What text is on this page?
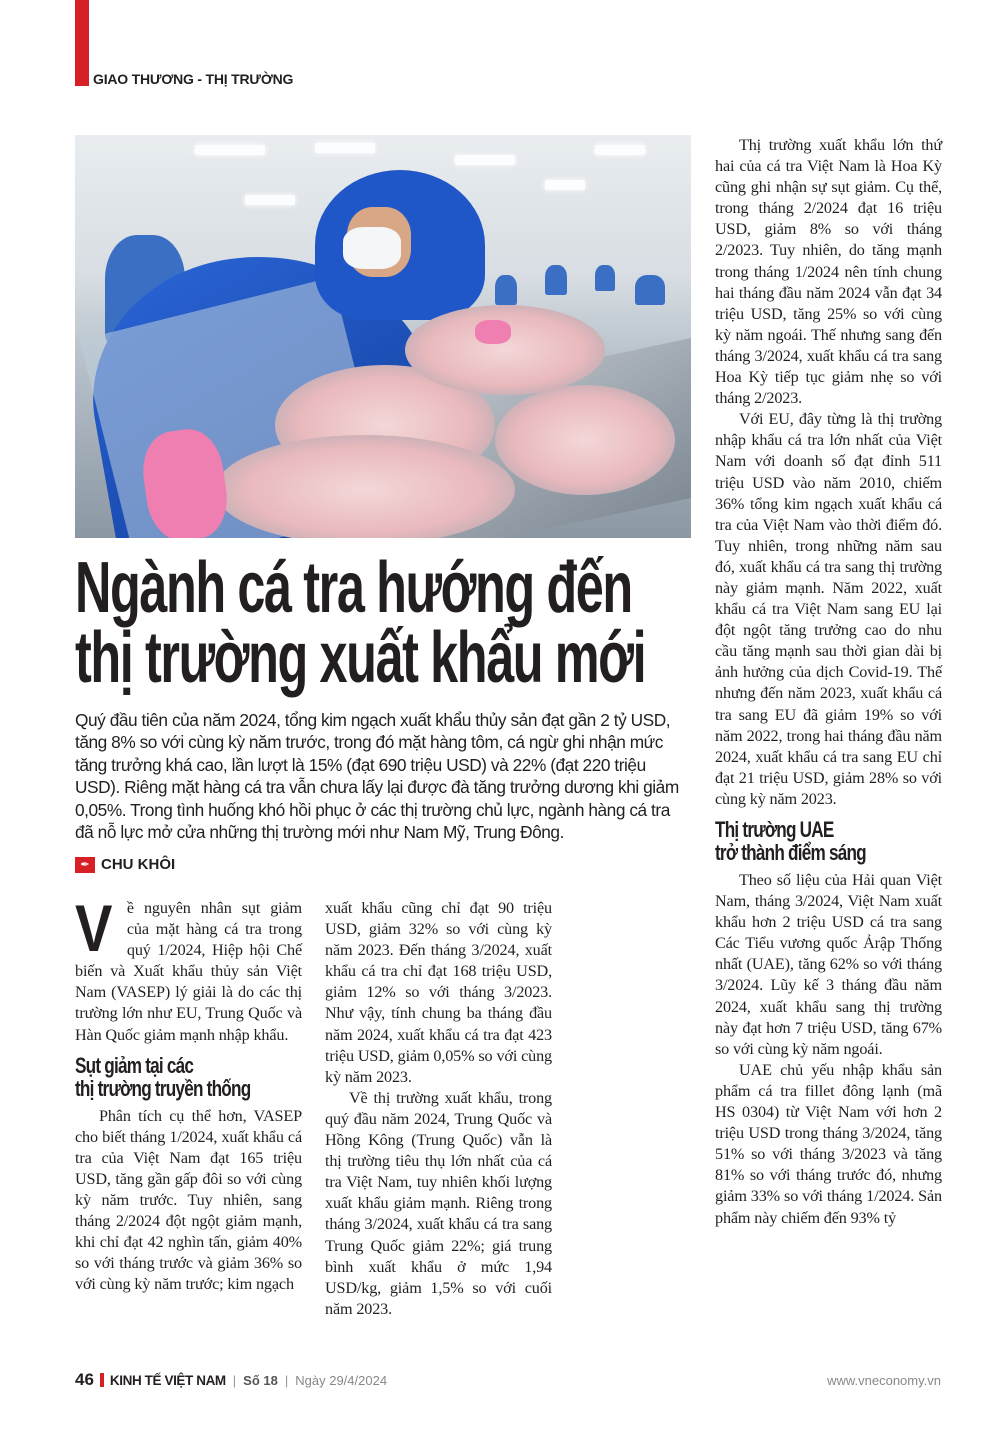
GIAO THƯƠNG - THỊ TRƯỜNG
Ngành cá tra hướng đến
thị trường xuất khẩu mới
Quý đầu tiên của năm 2024, tổng kim ngạch xuất khẩu thủy sản đạt gần 2 tỷ USD, tăng 8% so với cùng kỳ năm trước, trong đó mặt hàng tôm, cá ngừ ghi nhận mức tăng trưởng khá cao, lần lượt là 15% (đạt 690 triệu USD) và 22% (đạt 220 triệu USD). Riêng mặt hàng cá tra vẫn chưa lấy lại được đà tăng trưởng dương khi giảm 0,05%. Trong tình huống khó hồi phục ở các thị trường chủ lực, ngành hàng cá tra đã nỗ lực mở cửa những thị trường mới như Nam Mỹ, Trung Đông.
✒ CHU KHÔI

Về nguyên nhân sụt giảm của mặt hàng cá tra trong quý 1/2024, Hiệp hội Chế biến và Xuất khẩu thủy sản Việt Nam (VASEP) lý giải là do các thị trường lớn như EU, Trung Quốc và Hàn Quốc giảm mạnh nhập khẩu.

Sụt giảm tại các
thị trường truyền thống

Phân tích cụ thể hơn, VASEP cho biết tháng 1/2024, xuất khẩu cá tra của Việt Nam đạt 165 triệu USD, tăng gần gấp đôi so với cùng kỳ năm trước. Tuy nhiên, sang tháng 2/2024 đột ngột giảm mạnh, khi chỉ đạt 42 nghìn tấn, giảm 40% so với tháng trước và giảm 36% so với cùng kỳ năm trước; kim ngạch

xuất khẩu cũng chỉ đạt 90 triệu USD, giảm 32% so với cùng kỳ năm 2023. Đến tháng 3/2024, xuất khẩu cá tra chỉ đạt 168 triệu USD, giảm 12% so với tháng 3/2023. Như vậy, tính chung ba tháng đầu năm 2024, xuất khẩu cá tra đạt 423 triệu USD, giảm 0,05% so với cùng kỳ năm 2023.

Về thị trường xuất khẩu, trong quý đầu năm 2024, Trung Quốc và Hồng Kông (Trung Quốc) vẫn là thị trường tiêu thụ lớn nhất của cá tra Việt Nam, tuy nhiên khối lượng xuất khẩu giảm mạnh. Riêng trong tháng 3/2024, xuất khẩu cá tra sang Trung Quốc giảm 22%; giá trung bình xuất khẩu ở mức 1,94 USD/kg, giảm 1,5% so với cuối năm 2023.

Thị trường xuất khẩu lớn thứ hai của cá tra Việt Nam là Hoa Kỳ cũng ghi nhận sự sụt giảm. Cụ thể, trong tháng 2/2024 đạt 16 triệu USD, giảm 8% so với tháng 2/2023. Tuy nhiên, do tăng mạnh trong tháng 1/2024 nên tính chung hai tháng đầu năm 2024 vẫn đạt 34 triệu USD, tăng 25% so với cùng kỳ năm ngoái. Thế nhưng sang đến tháng 3/2024, xuất khẩu cá tra sang Hoa Kỳ tiếp tục giảm nhẹ so với tháng 2/2023.

Với EU, đây từng là thị trường nhập khẩu cá tra lớn nhất của Việt Nam với doanh số đạt đỉnh 511 triệu USD vào năm 2010, chiếm 36% tổng kim ngạch xuất khẩu cá tra của Việt Nam vào thời điểm đó. Tuy nhiên, trong những năm sau đó, xuất khẩu cá tra sang thị trường này giảm mạnh. Năm 2022, xuất khẩu cá tra Việt Nam sang EU lại đột ngột tăng trưởng cao do nhu cầu tăng mạnh sau thời gian dài bị ảnh hưởng của dịch Covid-19. Thế nhưng đến năm 2023, xuất khẩu cá tra sang EU đã giảm 19% so với năm 2022, trong hai tháng đầu năm 2024, xuất khẩu cá tra sang EU chỉ đạt 21 triệu USD, giảm 28% so với cùng kỳ năm 2023.

Thị trường UAE
trở thành điểm sáng

Theo số liệu của Hải quan Việt Nam, tháng 3/2024, Việt Nam xuất khẩu hơn 2 triệu USD cá tra sang Các Tiểu vương quốc Ảrập Thống nhất (UAE), tăng 62% so với tháng 3/2024. Lũy kế 3 tháng đầu năm 2024, xuất khẩu sang thị trường này đạt hơn 7 triệu USD, tăng 67% so với cùng kỳ năm ngoái.

UAE chủ yếu nhập khẩu sản phẩm cá tra fillet đông lạnh (mã HS 0304) từ Việt Nam với hơn 2 triệu USD trong tháng 3/2024, tăng 51% so với tháng 3/2023 và tăng 81% so với tháng trước đó, nhưng giảm 33% so với tháng 1/2024. Sản phẩm này chiếm đến 93% tỷ

46 KINH TẾ VIỆT NAM | Số 18 | Ngày 29/4/2024	www.vneconomy.vn
